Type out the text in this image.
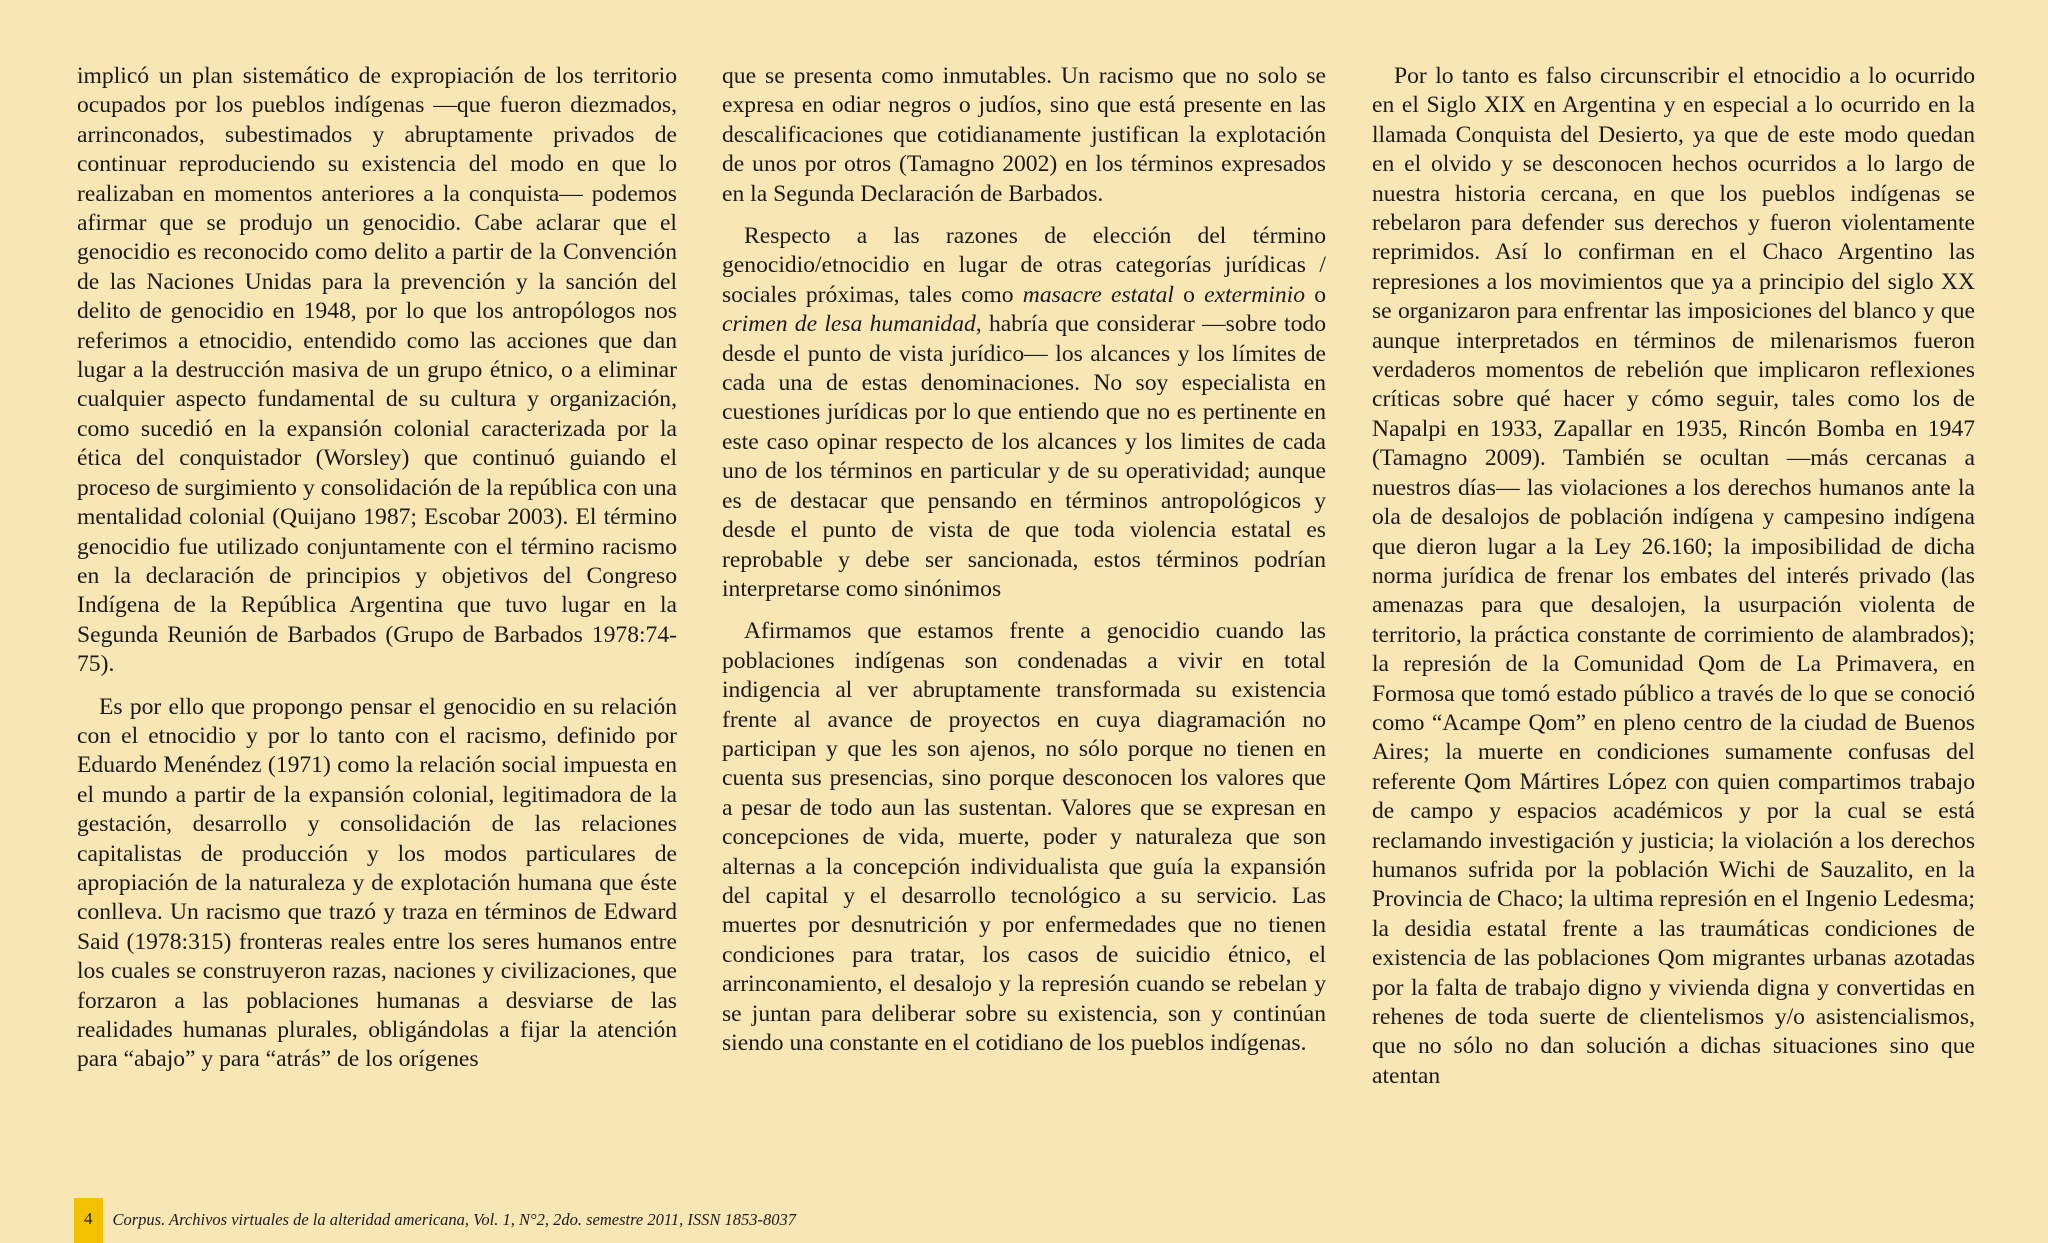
implicó un plan sistemático de expropiación de los territorio ocupados por los pueblos indígenas —que fueron diezmados, arrinconados, subestimados y abruptamente privados de continuar reproduciendo su existencia del modo en que lo realizaban en momentos anteriores a la conquista— podemos afirmar que se produjo un genocidio. Cabe aclarar que el genocidio es reconocido como delito a partir de la Convención de las Naciones Unidas para la prevención y la sanción del delito de genocidio en 1948, por lo que los antropólogos nos referimos a etnocidio, entendido como las acciones que dan lugar a la destrucción masiva de un grupo étnico, o a eliminar cualquier aspecto fundamental de su cultura y organización, como sucedió en la expansión colonial caracterizada por la ética del conquistador (Worsley) que continuó guiando el proceso de surgimiento y consolidación de la república con una mentalidad colonial (Quijano 1987; Escobar 2003). El término genocidio fue utilizado conjuntamente con el término racismo en la declaración de principios y objetivos del Congreso Indígena de la República Argentina que tuvo lugar en la Segunda Reunión de Barbados (Grupo de Barbados 1978:74-75).

Es por ello que propongo pensar el genocidio en su relación con el etnocidio y por lo tanto con el racismo, definido por Eduardo Menéndez (1971) como la relación social impuesta en el mundo a partir de la expansión colonial, legitimadora de la gestación, desarrollo y consolidación de las relaciones capitalistas de producción y los modos particulares de apropiación de la naturaleza y de explotación humana que éste conlleva. Un racismo que trazó y traza en términos de Edward Said (1978:315) fronteras reales entre los seres humanos entre los cuales se construyeron razas, naciones y civilizaciones, que forzaron a las poblaciones humanas a desviarse de las realidades humanas plurales, obligándolas a fijar la atención para “abajo” y para “atrás” de los orígenes

que se presenta como inmutables. Un racismo que no solo se expresa en odiar negros o judíos, sino que está presente en las descalificaciones que cotidianamente justifican la explotación de unos por otros (Tamagno 2002) en los términos expresados en la Segunda Declaración de Barbados.

Respecto a las razones de elección del término genocidio/etnocidio en lugar de otras categorías jurídicas / sociales próximas, tales como masacre estatal o exterminio o crimen de lesa humanidad, habría que considerar —sobre todo desde el punto de vista jurídico— los alcances y los límites de cada una de estas denominaciones. No soy especialista en cuestiones jurídicas por lo que entiendo que no es pertinente en este caso opinar respecto de los alcances y los limites de cada uno de los términos en particular y de su operatividad; aunque es de destacar que pensando en términos antropológicos y desde el punto de vista de que toda violencia estatal es reprobable y debe ser sancionada, estos términos podrían interpretarse como sinónimos

Afirmamos que estamos frente a genocidio cuando las poblaciones indígenas son condenadas a vivir en total indigencia al ver abruptamente transformada su existencia frente al avance de proyectos en cuya diagramación no participan y que les son ajenos, no sólo porque no tienen en cuenta sus presencias, sino porque desconocen los valores que a pesar de todo aun las sustentan. Valores que se expresan en concepciones de vida, muerte, poder y naturaleza que son alternas a la concepción individualista que guía la expansión del capital y el desarrollo tecnológico a su servicio. Las muertes por desnutrición y por enfermedades que no tienen condiciones para tratar, los casos de suicidio étnico, el arrinconamiento, el desalojo y la represión cuando se rebelan y se juntan para deliberar sobre su existencia, son y continúan siendo una constante en el cotidiano de los pueblos indígenas.

Por lo tanto es falso circunscribir el etnocidio a lo ocurrido en el Siglo XIX en Argentina y en especial a lo ocurrido en la llamada Conquista del Desierto, ya que de este modo quedan en el olvido y se desconocen hechos ocurridos a lo largo de nuestra historia cercana, en que los pueblos indígenas se rebelaron para defender sus derechos y fueron violentamente reprimidos. Así lo confirman en el Chaco Argentino las represiones a los movimientos que ya a principio del siglo XX se organizaron para enfrentar las imposiciones del blanco y que aunque interpretados en términos de milenarismos fueron verdaderos momentos de rebelión que implicaron reflexiones críticas sobre qué hacer y cómo seguir, tales como los de Napalpi en 1933, Zapallar en 1935, Rincón Bomba en 1947 (Tamagno 2009). También se ocultan —más cercanas a nuestros días— las violaciones a los derechos humanos ante la ola de desalojos de población indígena y campesino indígena que dieron lugar a la Ley 26.160; la imposibilidad de dicha norma jurídica de frenar los embates del interés privado (las amenazas para que desalojen, la usurpación violenta de territorio, la práctica constante de corrimiento de alambrados); la represión de la Comunidad Qom de La Primavera, en Formosa que tomó estado público a través de lo que se conoció como “Acampe Qom” en pleno centro de la ciudad de Buenos Aires; la muerte en condiciones sumamente confusas del referente Qom Mártires López con quien compartimos trabajo de campo y espacios académicos y por la cual se está reclamando investigación y justicia; la violación a los derechos humanos sufrida por la población Wichi de Sauzalito, en la Provincia de Chaco; la ultima represión en el Ingenio Ledesma; la desidia estatal frente a las traumáticas condiciones de existencia de las poblaciones Qom migrantes urbanas azotadas por la falta de trabajo digno y vivienda digna y convertidas en rehenes de toda suerte de clientelismos y/o asistencialismos, que no sólo no dan solución a dichas situaciones sino que atentan

4	Corpus. Archivos virtuales de la alteridad americana, Vol. 1, N°2, 2do. semestre 2011, ISSN 1853-8037
